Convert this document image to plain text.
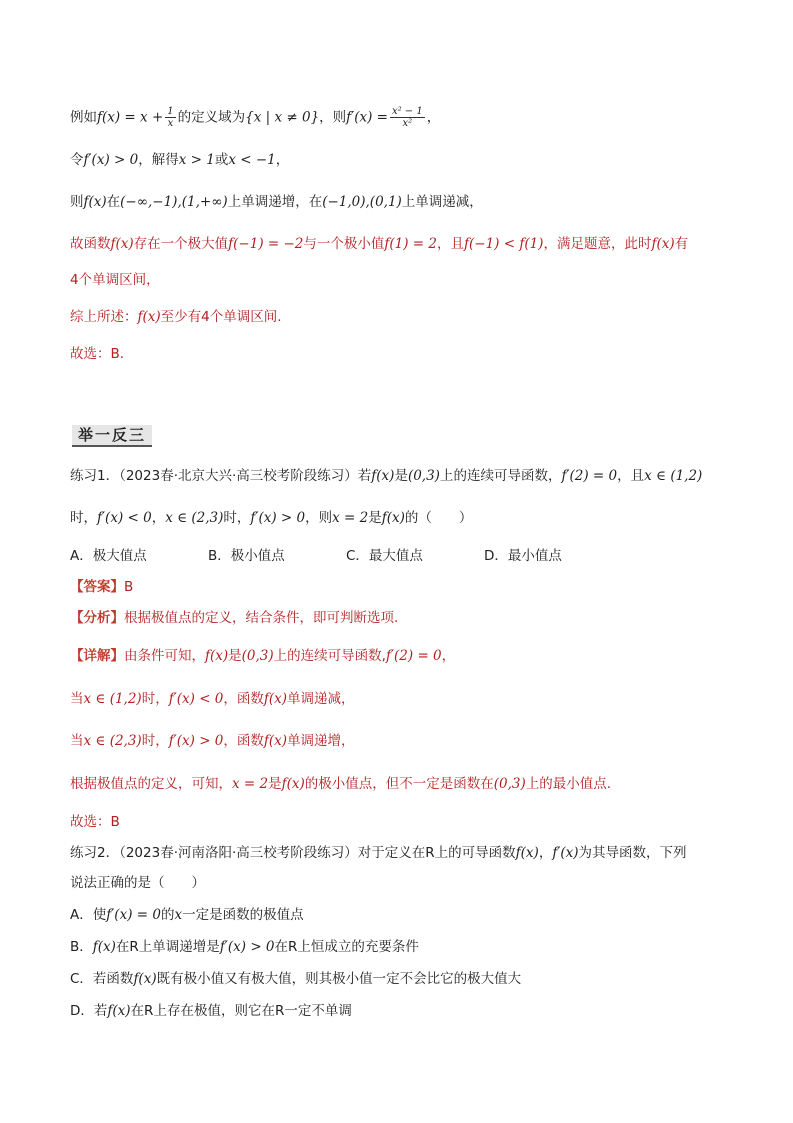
例如$f(x) = x + \frac{1}{x}$ 的定义域为{x | x ≠ 0}，则$f'(x) = \frac{\text{x² − 1}}{\text{x²}}$ ，
令f′(x) > 0，解得x > 1或x < −1，
则f(x)在(−∞,−1),(1,+∞)上单调递增，在(−1,0),(0,1)上单调递减，
故函数f(x)存在一个极大值f(−1) = −2与一个极小值f(1) = 2，且f(−1) < f(1)，满足题意，此时f(x)有
4个单调区间，
综上所述：f(x)至少有4个单调区间.
故选：B.
举一反三
练习1．（2023春·北京大兴·高三校考阶段练习）若f(x)是(0,3)上的连续可导函数，f′(2) = 0，且x ∈ (1,2)
时，f′(x) < 0，x ∈ (2,3)时，f′(x) > 0，则x = 2是f(x)的（　　）
A．极大值点	B．极小值点	C．最大值点	D．最小值点
【答案】B
【分析】根据极值点的定义，结合条件，即可判断选项.
【详解】由条件可知，f(x)是(0,3)上的连续可导函数,f′(2) = 0，
当x ∈ (1,2)时，f′(x) < 0，函数f(x)单调递减，
当x ∈ (2,3)时，f′(x) > 0，函数f(x)单调递增，
根据极值点的定义，可知，x = 2是f(x)的极小值点，但不一定是函数在(0,3)上的最小值点.
故选：B
练习2．（2023春·河南洛阳·高三校考阶段练习）对于定义在R上的可导函数f(x)，f′(x)为其导函数，下列
说法正确的是（　　）
A．使f′(x) = 0的x一定是函数的极值点
B．f(x)在R上单调递增是f′(x) > 0在R上恒成立的充要条件
C．若函数f(x)既有极小值又有极大值，则其极小值一定不会比它的极大值大
D．若f(x)在R上存在极值，则它在R一定不单调
